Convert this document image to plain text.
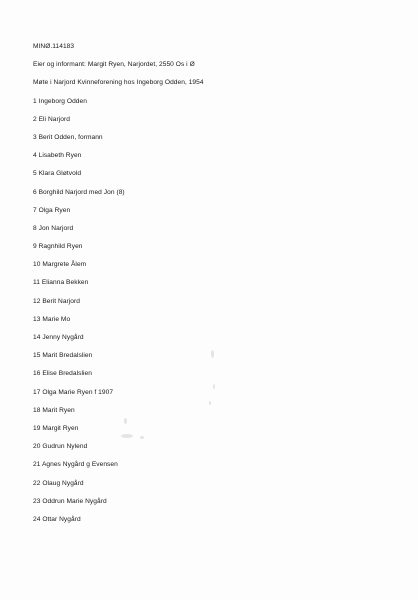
MINØ.114183
Eier og informant: Margit Ryen, Narjordet, 2550 Os i Ø
Møte i Narjord Kvinneforening hos Ingeborg Odden, 1954
1 Ingeborg Odden
2 Eli Narjord
3 Berit Odden, formann
4 Lisabeth Ryen
5 Klara Gløtvold
6 Borghild Narjord med Jon (8)
7 Olga Ryen
8 Jon Narjord
9 Ragnhild Ryen
10 Margrete Ålem
11 Elianna Bekken
12 Berit Narjord
13 Marie Mo
14 Jenny Nygård
15 Marit Bredalslien
16 Elise Bredalslien
17 Olga Marie Ryen f 1907
18 Marit Ryen
19 Margit Ryen
20 Gudrun Nylend
21 Agnes Nygård g Evensen
22 Olaug Nygård
23 Oddrun Marie Nygård
24 Ottar Nygård
